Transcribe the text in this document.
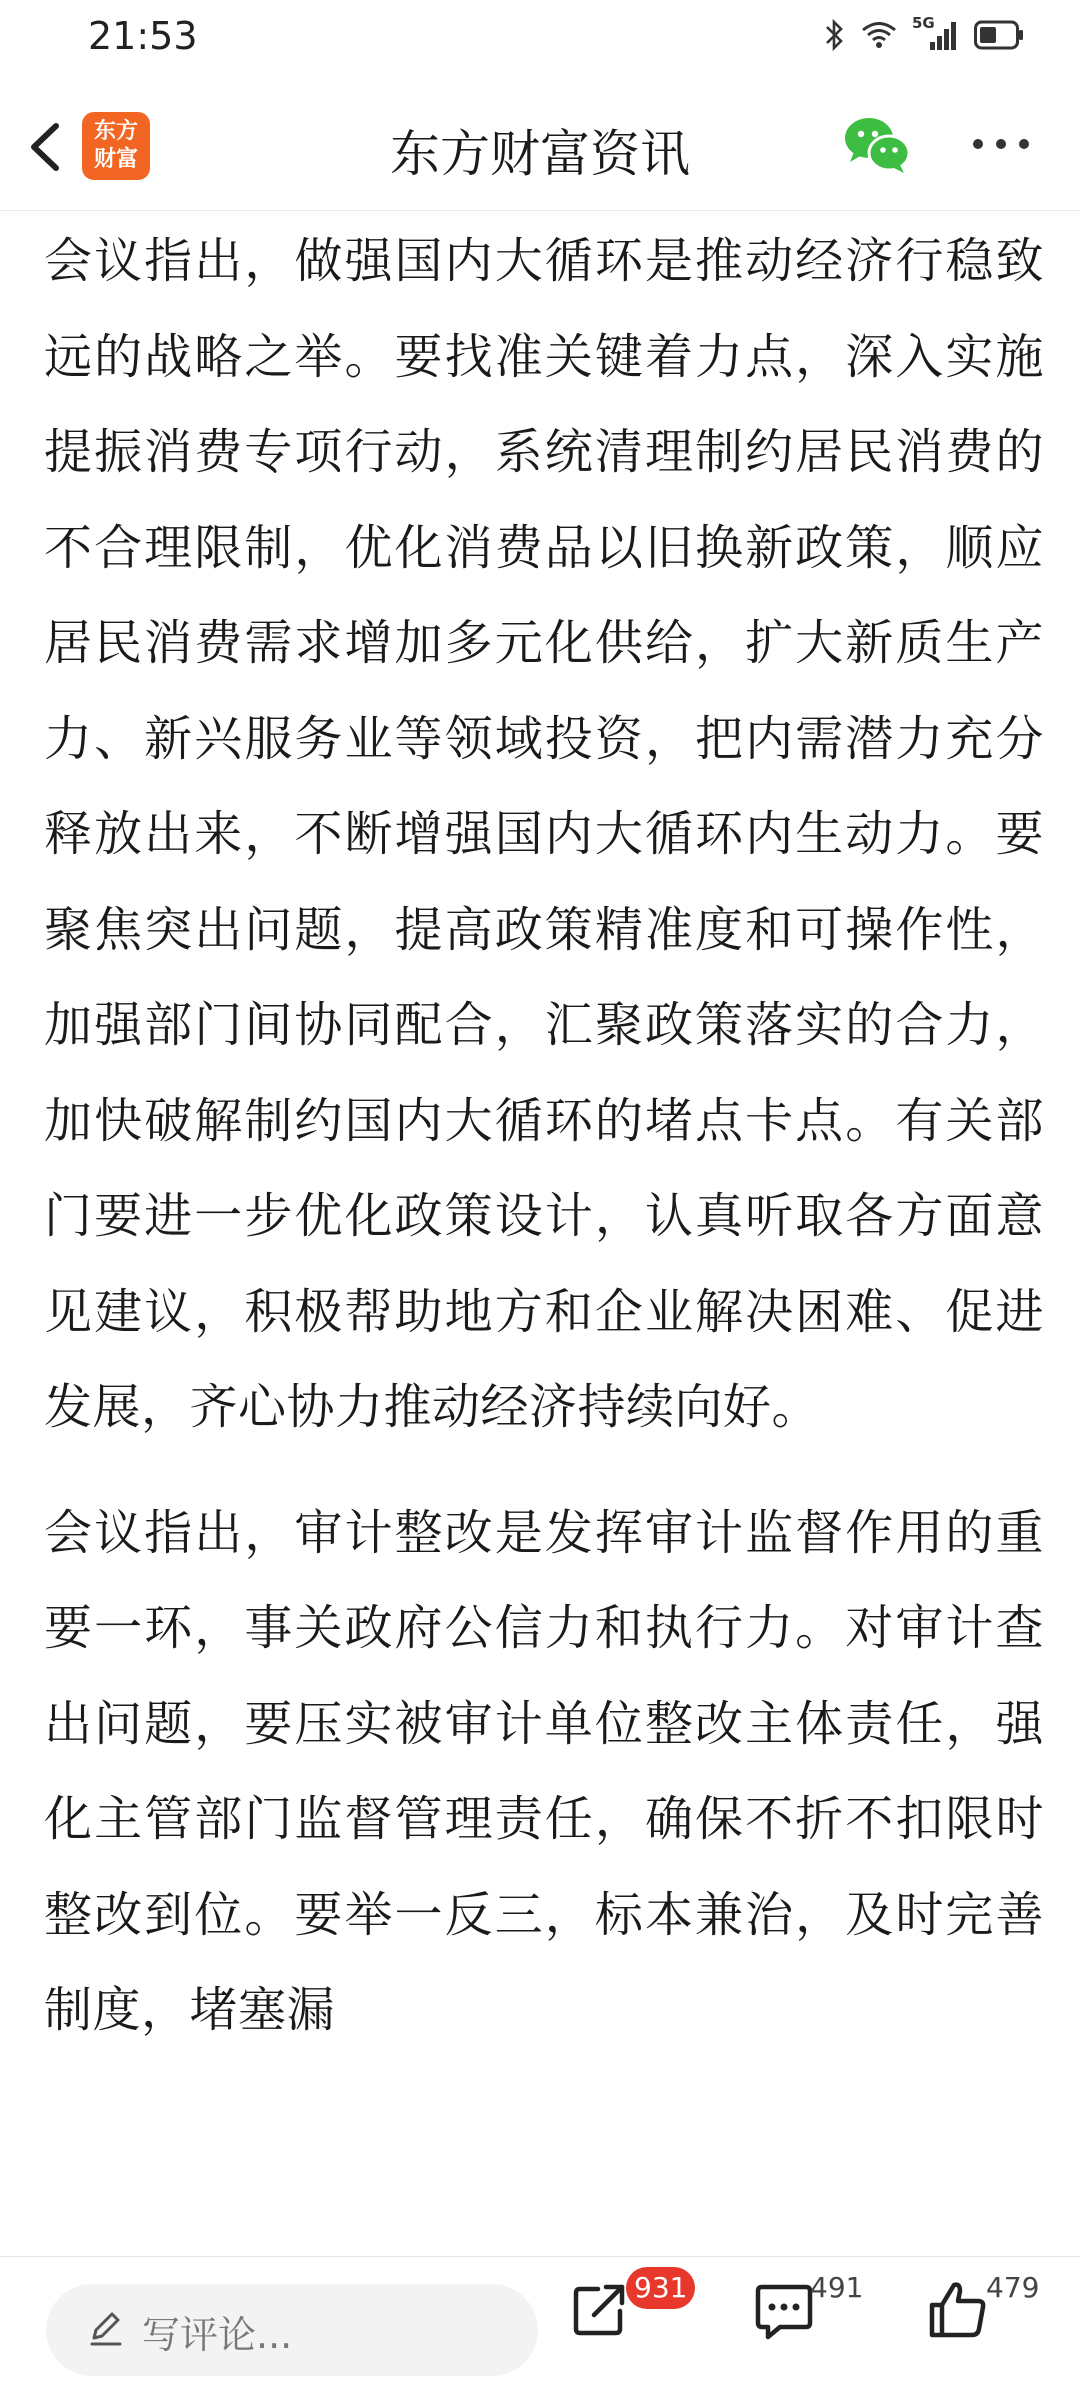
21:53	5G
东方
财富	东方财富资讯

会议指出，做强国内大循环是推动经济行稳致远的战略之举。要找准关键着力点，深入实施提振消费专项行动，系统清理制约居民消费的不合理限制，优化消费品以旧换新政策，顺应居民消费需求增加多元化供给，扩大新质生产力、新兴服务业等领域投资，把内需潜力充分释放出来，不断增强国内大循环内生动力。要聚焦突出问题，提高政策精准度和可操作性，加强部门间协同配合，汇聚政策落实的合力，加快破解制约国内大循环的堵点卡点。有关部门要进一步优化政策设计，认真听取各方面意见建议，积极帮助地方和企业解决困难、促进发展，齐心协力推动经济持续向好。

会议指出，审计整改是发挥审计监督作用的重要一环，事关政府公信力和执行力。对审计查出问题，要压实被审计单位整改主体责任，强化主管部门监督管理责任，确保不折不扣限时整改到位。要举一反三，标本兼治，及时完善制度，堵塞漏

写评论...
931	491	479
